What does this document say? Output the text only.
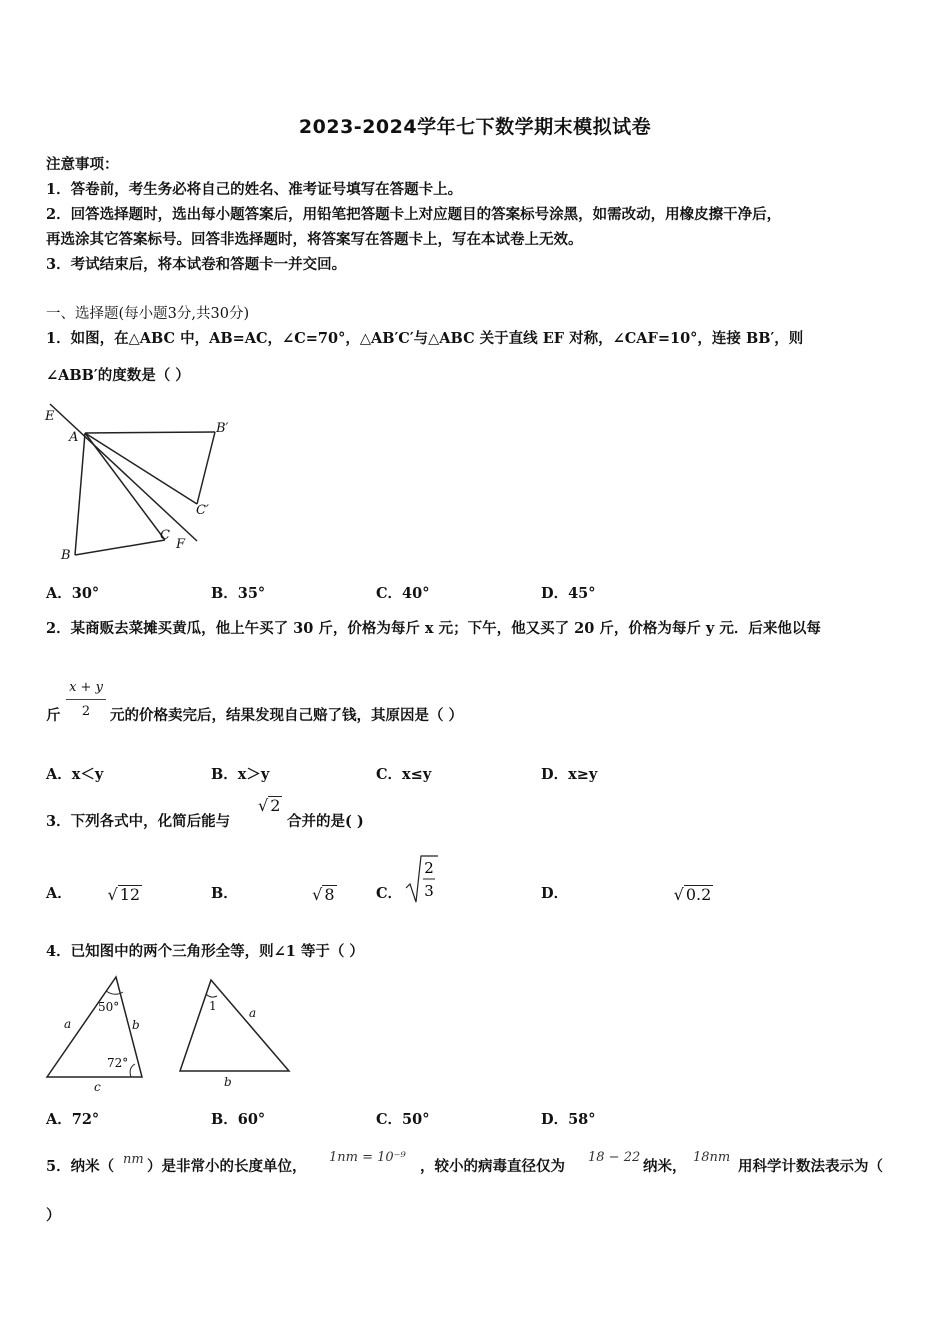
2023-2024学年七下数学期末模拟试卷
注意事项：
1．答卷前，考生务必将自己的姓名、准考证号填写在答题卡上。
2．回答选择题时，选出每小题答案后，用铅笔把答题卡上对应题目的答案标号涂黑，如需改动，用橡皮擦干净后，
再选涂其它答案标号。回答非选择题时，将答案写在答题卡上，写在本试卷上无效。
3．考试结束后，将本试卷和答题卡一并交回。
一、选择题(每小题3分,共30分)
1．如图，在△ABC 中，AB=AC，∠C=70°，△AB′C′与△ABC 关于直线 EF 对称，∠CAF=10°，连接 BB′，则
∠ABB′的度数是（ ）
E
A
B′
C′
C
F
B
A．30°	B．35°	C．40°	D．45°
2．某商贩去菜摊买黄瓜，他上午买了 30 斤，价格为每斤 x 元；下午，他又买了 20 斤，价格为每斤 y 元．后来他以每
斤
x + y
2	元的价格卖完后，结果发现自己赔了钱，其原因是（ ）
A．x＜y	B．x＞y	C．x≤y	D．x≥y
3．下列各式中，化简后能与
√ 2
合并的是( )
A． √ 12	B．	√ 8	C．
2
3	D．	√ 0.2
4．已知图中的两个三角形全等，则∠1 等于（ ）
50°
72°
a	b
c
1	a
b
A．72°	B．60°	C．50°	D．58°
5．纳米（ nm ）是非常小的长度单位，
1nm = 10⁻⁹
，较小的病毒直径仅为
18 − 22
纳米，
18nm
用科学计数法表示为（
）
